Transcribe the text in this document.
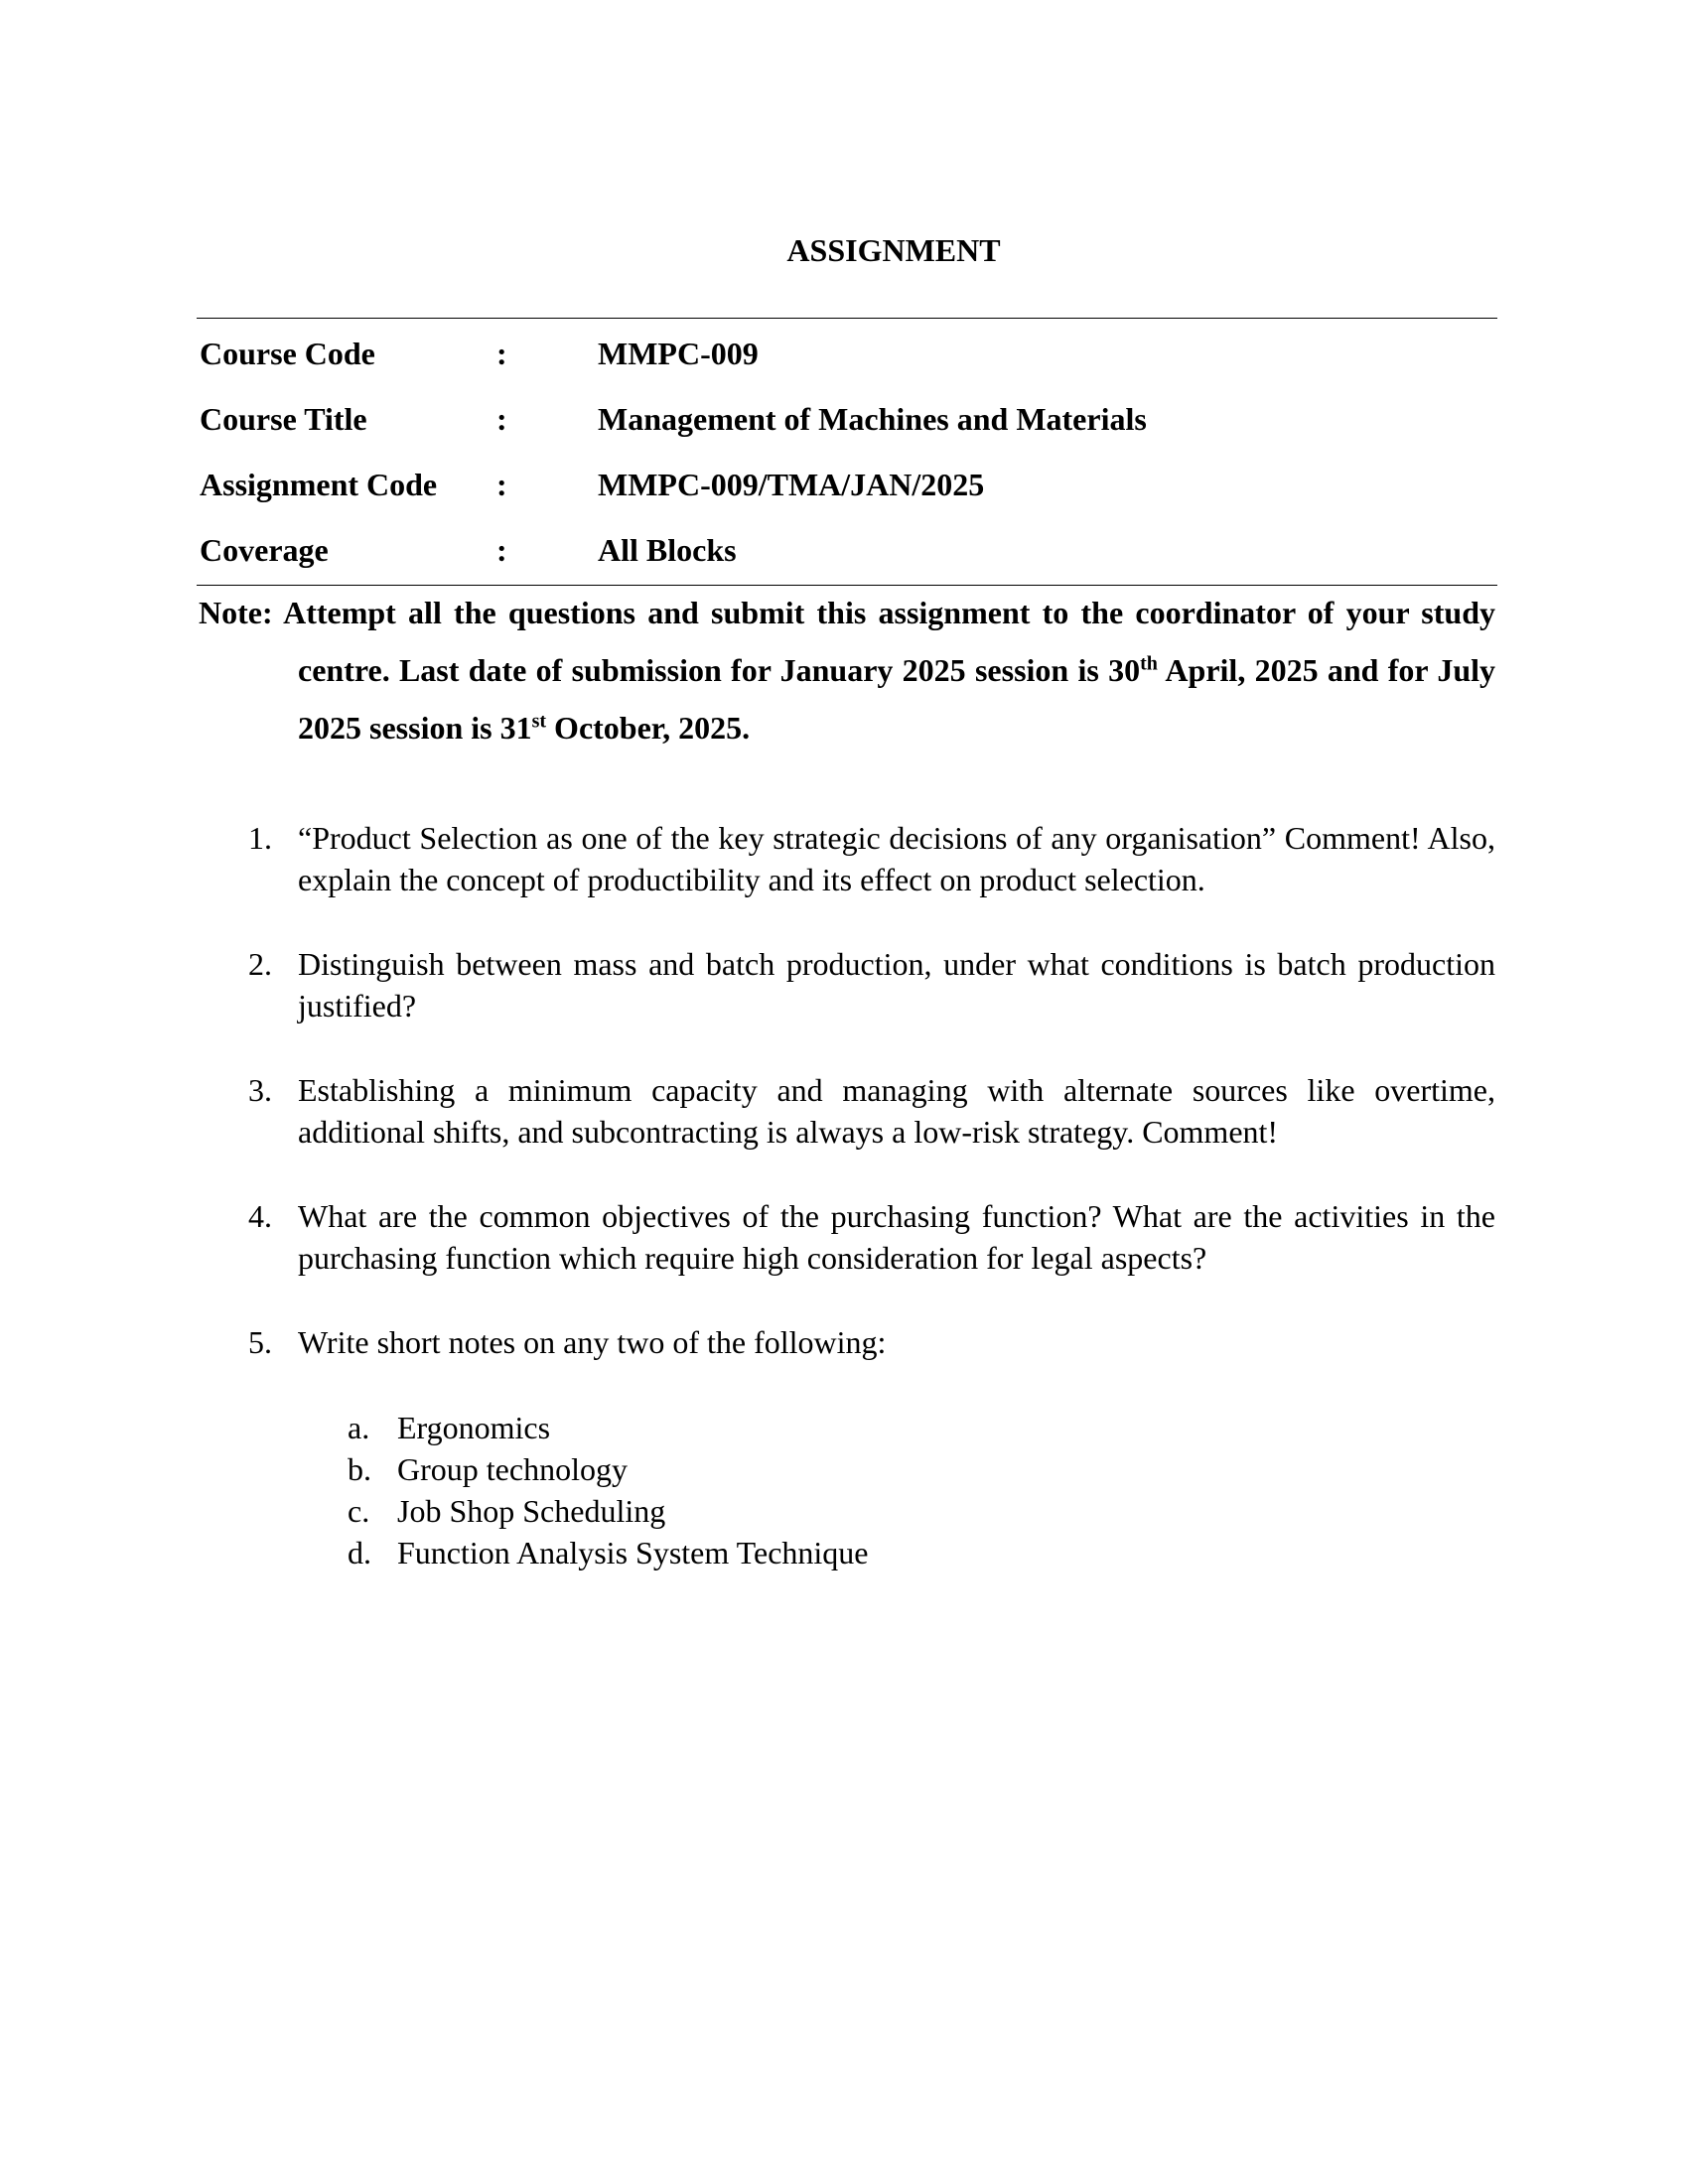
ASSIGNMENT
Course Code	:	MMPC-009
Course Title	:	Management of Machines and Materials
Assignment Code :	MMPC-009/TMA/JAN/2025
Coverage	:	All Blocks
Note: Attempt all the questions and submit this assignment to the coordinator of your study centre. Last date of submission for January 2025 session is 30th April, 2025 and for July 2025 session is 31st October, 2025.
1. “Product Selection as one of the key strategic decisions of any organisation” Comment! Also, explain the concept of productibility and its effect on product selection.
2. Distinguish between mass and batch production, under what conditions is batch production justified?
3. Establishing a minimum capacity and managing with alternate sources like overtime, additional shifts, and subcontracting is always a low-risk strategy. Comment!
4. What are the common objectives of the purchasing function? What are the activities in the purchasing function which require high consideration for legal aspects?
5. Write short notes on any two of the following:
a. Ergonomics
b. Group technology
c. Job Shop Scheduling
d. Function Analysis System Technique
